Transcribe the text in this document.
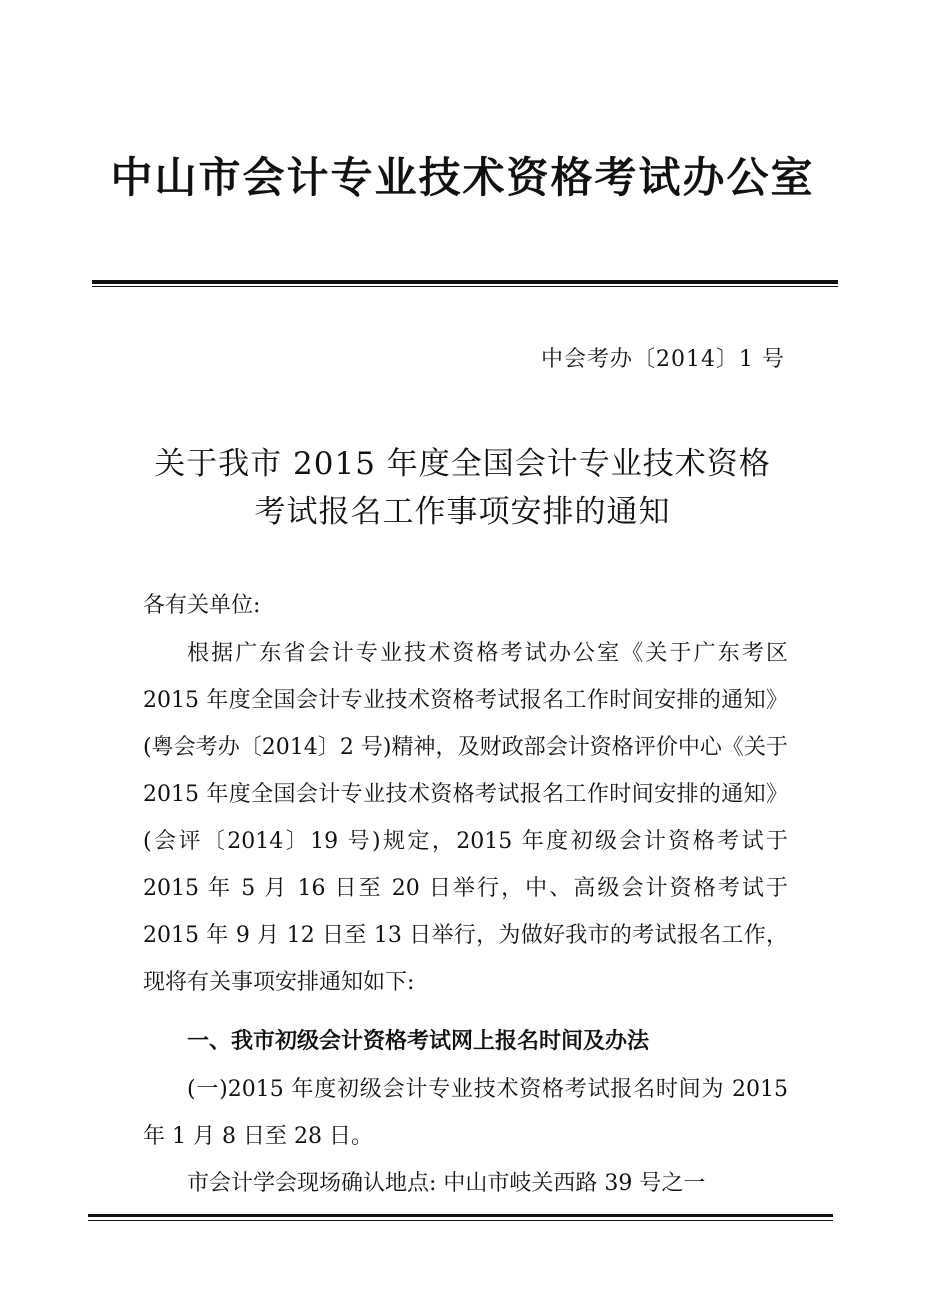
中山市会计专业技术资格考试办公室
中会考办〔2014〕1 号
关于我市 2015 年度全国会计专业技术资格
考试报名工作事项安排的通知
各有关单位:
根据广东省会计专业技术资格考试办公室《关于广东考区 2015 年度全国会计专业技术资格考试报名工作时间安排的通知》(粤会考办〔2014〕2 号)精神，及财政部会计资格评价中心《关于 2015 年度全国会计专业技术资格考试报名工作时间安排的通知》(会评〔2014〕19 号)规定，2015 年度初级会计资格考试于 2015 年 5 月 16 日至 20 日举行，中、高级会计资格考试于 2015 年 9 月 12 日至 13 日举行，为做好我市的考试报名工作，现将有关事项安排通知如下:
一、我市初级会计资格考试网上报名时间及办法
(一)2015 年度初级会计专业技术资格考试报名时间为 2015 年 1 月 8 日至 28 日。
市会计学会现场确认地点: 中山市岐关西路 39 号之一
